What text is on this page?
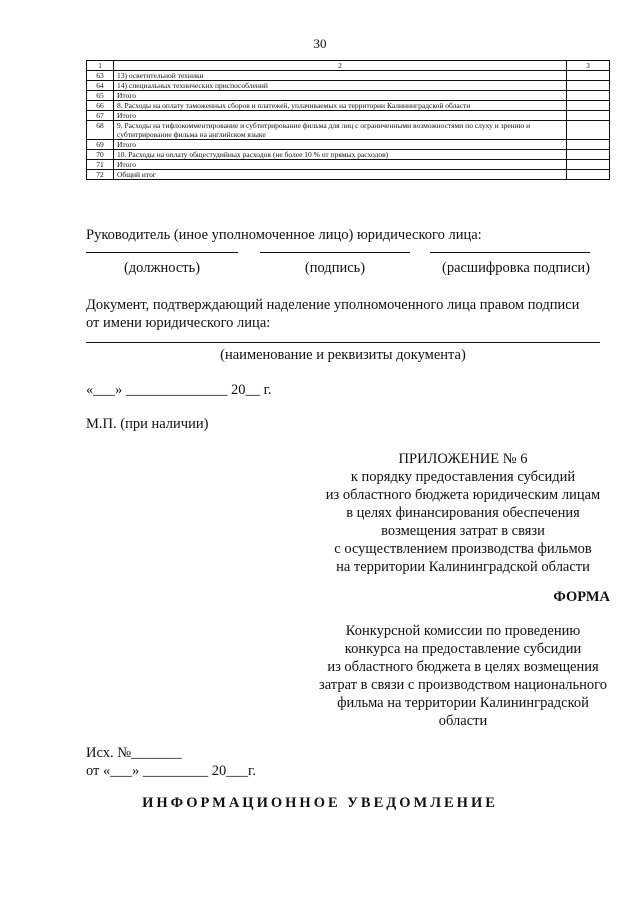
30
1	2	3
63	13) осветительной техники	
64	14) специальных технических приспособлений	
65	Итого	
66	8. Расходы на оплату таможенных сборов и платежей, уплачиваемых на территории Калининградской области	
67	Итого	
68	9. Расходы на тифлокомментирование и субтитрирование фильма для лиц с ограниченными возможностями по слуху и зрению и субтитрирование фильма на английском языке	
69	Итого	
70	10. Расходы на оплату общестудийных расходов (не более 10 % от прямых расходов)	
71	Итого	
72	Общий итог	
Руководитель (иное уполномоченное лицо) юридического лица:
(должность)	(подпись)	(расшифровка подписи)
Документ, подтверждающий наделение уполномоченного лица правом подписи
от имени юридического лица:
(наименование и реквизиты документа)
«___» ______________ 20__ г.
М.П. (при наличии)
ПРИЛОЖЕНИЕ № 6
к порядку предоставления субсидий
из областного бюджета юридическим лицам
в целях финансирования обеспечения
возмещения затрат в связи
с осуществлением производства фильмов
на территории Калининградской области
ФОРМА
Конкурсной комиссии по проведению
конкурса на предоставление субсидии
из областного бюджета в целях возмещения
затрат в связи с производством национального
фильма на территории Калининградской
области
Исх. №_______
от «___» _________ 20___г.
ИНФОРМАЦИОННОЕ УВЕДОМЛЕНИЕ
